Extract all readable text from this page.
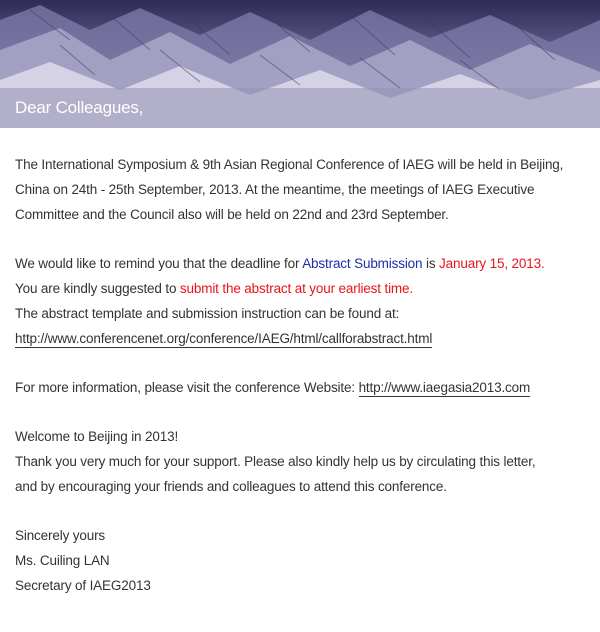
Dear Colleagues,
The International Symposium & 9th Asian Regional Conference of IAEG will be held in Beijing,
China on 24th - 25th September, 2013. At the meantime, the meetings of IAEG Executive
Committee and the Council also will be held on 22nd and 23rd September.
We would like to remind you that the deadline for Abstract Submission is January 15, 2013.
You are kindly suggested to submit the abstract at your earliest time.
The abstract template and submission instruction can be found at:
http://www.conferencenet.org/conference/IAEG/html/callforabstract.html
For more information, please visit the conference Website: http://www.iaegasia2013.com
Welcome to Beijing in 2013!
Thank you very much for your support. Please also kindly help us by circulating this letter,
and by encouraging your friends and colleagues to attend this conference.
Sincerely yours
Ms. Cuiling LAN
Secretary of IAEG2013
